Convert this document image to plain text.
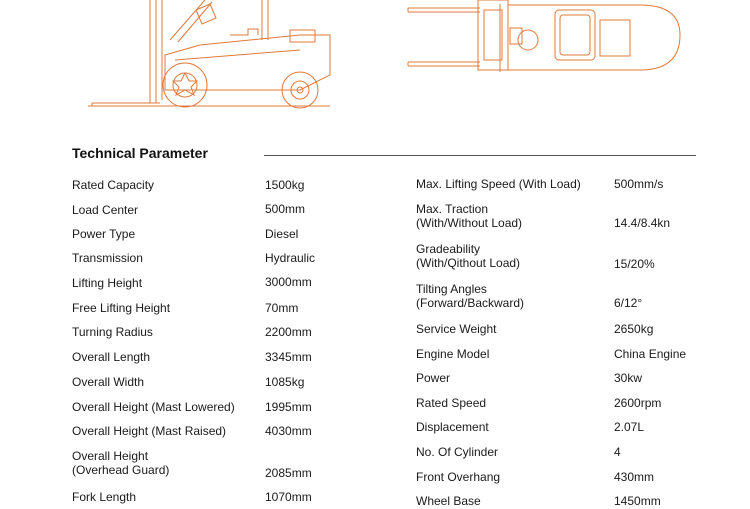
Technical Parameter
Rated Capacity	1500kg
Load Center	500mm
Power Type	Diesel
Transmission	Hydraulic
Lifting Height	3000mm
Free Lifting Height	70mm
Turning Radius	2200mm
Overall Length	3345mm
Overall Width	1085kg
Overall Height (Mast Lowered)	1995mm
Overall Height (Mast Raised)	4030mm
Overall Height
(Overhead Guard)	2085mm
Fork Length	1070mm
Max. Lifting Speed (With Load)	500mm/s
Max. Traction
(With/Without Load)	14.4/8.4kn
Gradeability
(With/Qithout Load)	15/20%
Tilting Angles
(Forward/Backward)	6/12°
Service Weight	2650kg
Engine Model	China Engine
Power	30kw
Rated Speed	2600rpm
Displacement	2.07L
No. Of Cylinder	4
Front Overhang	430mm
Wheel Base	1450mm
